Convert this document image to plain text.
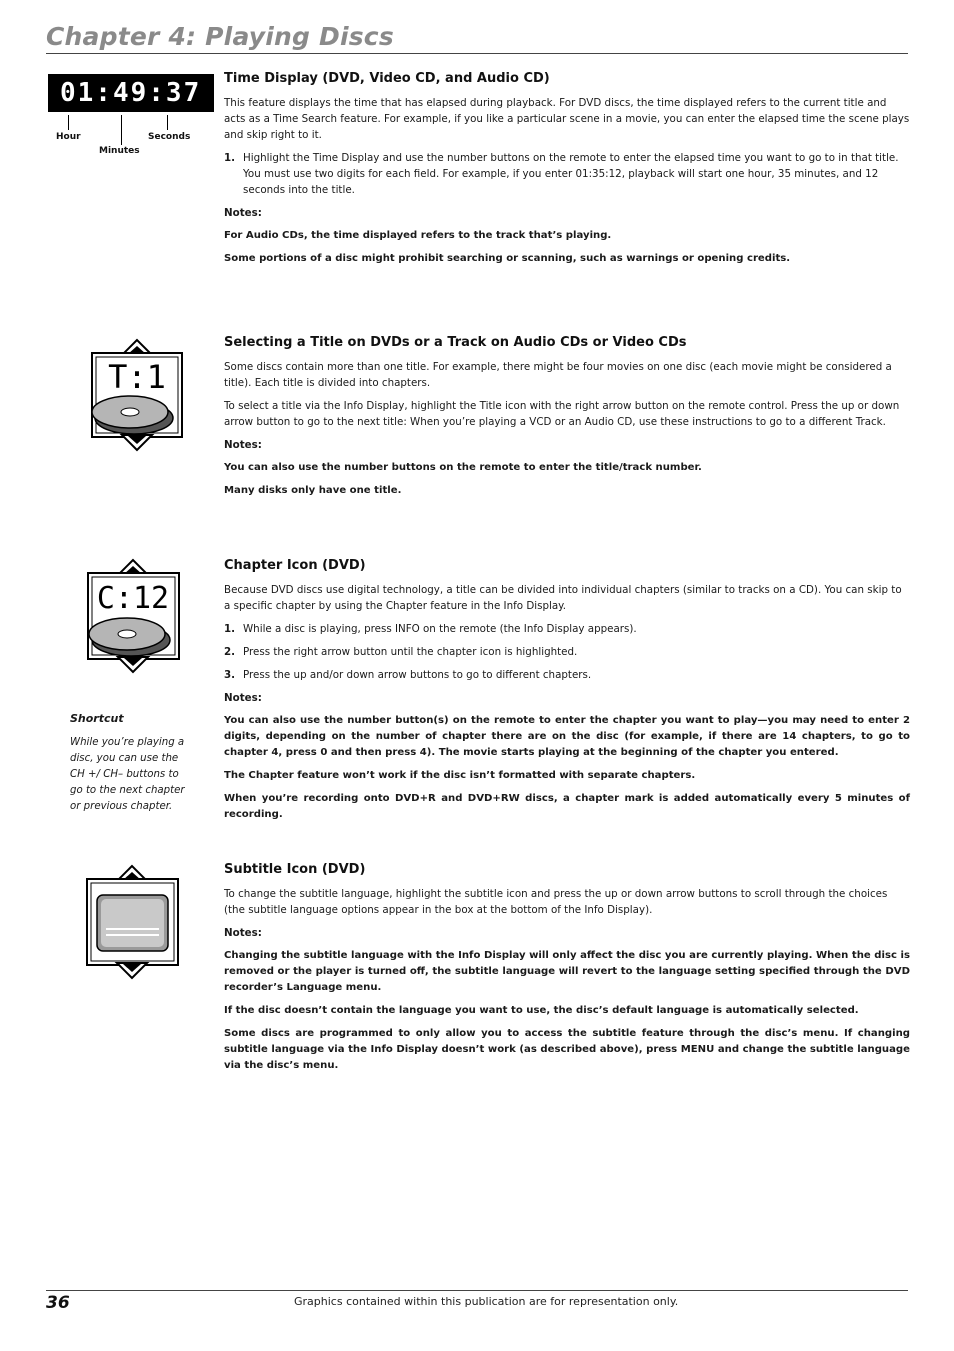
Chapter 4: Playing Discs
01:49:37
Hour
Minutes
Seconds
Time Display (DVD, Video CD, and Audio CD)

This feature displays the time that has elapsed during playback. For DVD discs, the time displayed refers to the current title and acts as a Time Search feature. For example, if you like a particular scene in a movie, you can enter the elapsed time the scene plays and skip right to it.

1. Highlight the Time Display and use the number buttons on the remote to enter the elapsed time you want to go to in that title. You must use two digits for each field. For example, if you enter 01:35:12, playback will start one hour, 35 minutes, and 12 seconds into the title.

Notes:

For Audio CDs, the time displayed refers to the track that’s playing.

Some portions of a disc might prohibit searching or scanning, such as warnings or opening credits.

T:1
Selecting a Title on DVDs or a Track on Audio CDs or Video CDs

Some discs contain more than one title. For example, there might be four movies on one disc (each movie might be considered a title). Each title is divided into chapters.

To select a title via the Info Display, highlight the Title icon with the right arrow button on the remote control. Press the up or down arrow button to go to the next title: When you’re playing a VCD or an Audio CD, use these instructions to go to a different Track.

Notes:

You can also use the number buttons on the remote to enter the title/track number.

Many disks only have one title.

C:12
Shortcut
While you’re playing a disc, you can use the CH +/ CH– buttons to go to the next chapter or previous chapter.
Chapter Icon (DVD)

Because DVD discs use digital technology, a title can be divided into individual chapters (similar to tracks on a CD). You can skip to a specific chapter by using the Chapter feature in the Info Display.

1. While a disc is playing, press INFO on the remote (the Info Display appears).
2. Press the right arrow button until the chapter icon is highlighted.
3. Press the up and/or down arrow buttons to go to different chapters.

Notes:

You can also use the number button(s) on the remote to enter the chapter you want to play—you may need to enter 2 digits, depending on the number of chapter there are on the disc (for example, if there are 14 chapters, to go to chapter 4, press 0 and then press 4). The movie starts playing at the beginning of the chapter you entered.

The Chapter feature won’t work if the disc isn’t formatted with separate chapters.

When you’re recording onto DVD+R and DVD+RW discs, a chapter mark is added automatically every 5 minutes of recording.

Subtitle Icon (DVD)

To change the subtitle language, highlight the subtitle icon and press the up or down arrow buttons to scroll through the choices (the subtitle language options appear in the box at the bottom of the Info Display).

Notes:

Changing the subtitle language with the Info Display will only affect the disc you are currently playing. When the disc is removed or the player is turned off, the subtitle language will revert to the language setting specified through the DVD recorder’s Language menu.

If the disc doesn’t contain the language you want to use, the disc’s default language is automatically selected.

Some discs are programmed to only allow you to access the subtitle feature through the disc’s menu. If changing subtitle language via the Info Display doesn’t work (as described above), press MENU and change the subtitle language via the disc’s menu.

36	Graphics contained within this publication are for representation only.
